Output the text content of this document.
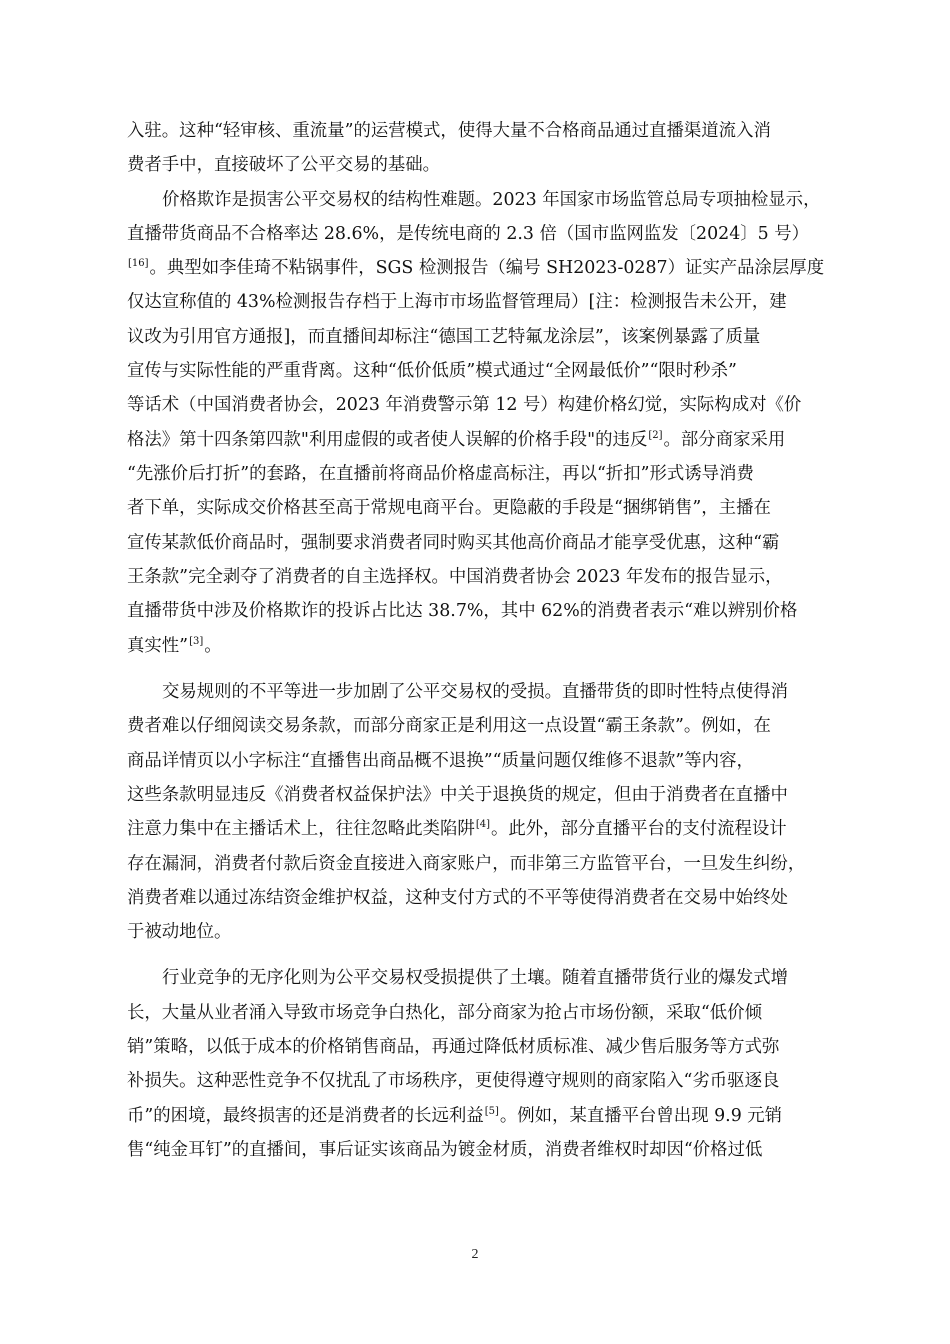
入驻。这种“轻审核、重流量”的运营模式，使得大量不合格商品通过直播渠道流入消
费者手中，直接破坏了公平交易的基础。
价格欺诈是损害公平交易权的结构性难题。2023 年国家市场监管总局专项抽检显示，
直播带货商品不合格率达 28.6%，是传统电商的 2.3 倍（国市监网监发〔2024〕5 号）
[16]。典型如李佳琦不粘锅事件，SGS 检测报告（编号 SH2023-0287）证实产品涂层厚度
仅达宣称值的 43%检测报告存档于上海市市场监督管理局）[注：检测报告未公开，建
议改为引用官方通报]，而直播间却标注“德国工艺特氟龙涂层”，该案例暴露了质量
宣传与实际性能的严重背离。这种“低价低质”模式通过“全网最低价”“限时秒杀”
等话术（中国消费者协会，2023 年消费警示第 12 号）构建价格幻觉，实际构成对《价
格法》第十四条第四款"利用虚假的或者使人误解的价格手段"的违反[2]。部分商家采用
“先涨价后打折”的套路，在直播前将商品价格虚高标注，再以“折扣”形式诱导消费
者下单，实际成交价格甚至高于常规电商平台。更隐蔽的手段是“捆绑销售”，主播在
宣传某款低价商品时，强制要求消费者同时购买其他高价商品才能享受优惠，这种“霸
王条款”完全剥夺了消费者的自主选择权。中国消费者协会 2023 年发布的报告显示，
直播带货中涉及价格欺诈的投诉占比达 38.7%，其中 62%的消费者表示“难以辨别价格
真实性”[3]。
交易规则的不平等进一步加剧了公平交易权的受损。直播带货的即时性特点使得消
费者难以仔细阅读交易条款，而部分商家正是利用这一点设置“霸王条款”。例如，在
商品详情页以小字标注“直播售出商品概不退换”“质量问题仅维修不退款”等内容，
这些条款明显违反《消费者权益保护法》中关于退换货的规定，但由于消费者在直播中
注意力集中在主播话术上，往往忽略此类陷阱[4]。此外，部分直播平台的支付流程设计
存在漏洞，消费者付款后资金直接进入商家账户，而非第三方监管平台，一旦发生纠纷，
消费者难以通过冻结资金维护权益，这种支付方式的不平等使得消费者在交易中始终处
于被动地位。
行业竞争的无序化则为公平交易权受损提供了土壤。随着直播带货行业的爆发式增
长，大量从业者涌入导致市场竞争白热化，部分商家为抢占市场份额，采取“低价倾
销”策略，以低于成本的价格销售商品，再通过降低材质标准、减少售后服务等方式弥
补损失。这种恶性竞争不仅扰乱了市场秩序，更使得遵守规则的商家陷入“劣币驱逐良
币”的困境，最终损害的还是消费者的长远利益[5]。例如，某直播平台曾出现 9.9 元销
售“纯金耳钉”的直播间，事后证实该商品为镀金材质，消费者维权时却因“价格过低
2
